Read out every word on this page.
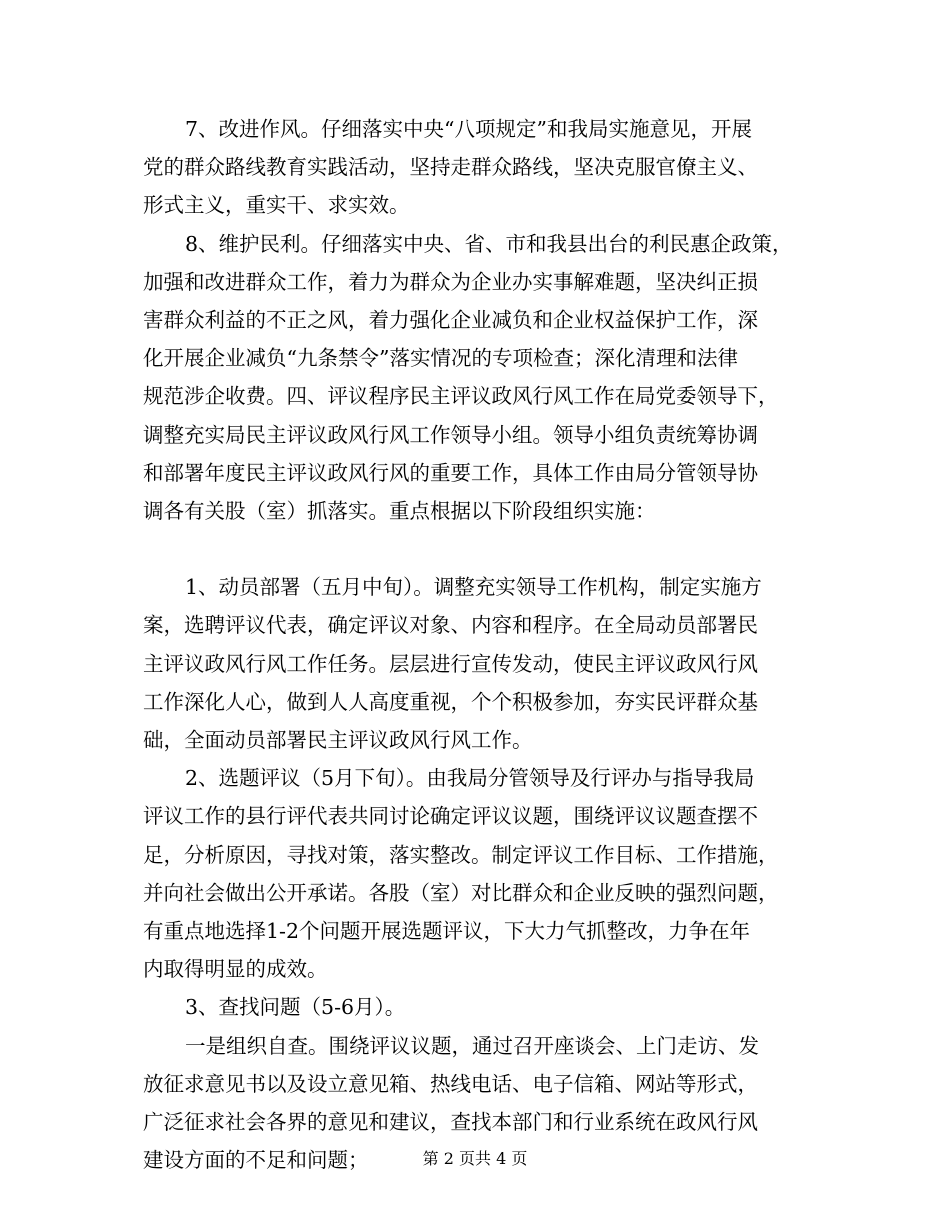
7、改进作风。仔细落实中央“八项规定”和我局实施意见，开展
党的群众路线教育实践活动，坚持走群众路线，坚决克服官僚主义、
形式主义，重实干、求实效。
8、维护民利。仔细落实中央、省、市和我县出台的利民惠企政策，
加强和改进群众工作，着力为群众为企业办实事解难题，坚决纠正损
害群众利益的不正之风，着力强化企业减负和企业权益保护工作，深
化开展企业减负“九条禁令”落实情况的专项检查；深化清理和法律
规范涉企收费。四、评议程序民主评议政风行风工作在局党委领导下，
调整充实局民主评议政风行风工作领导小组。领导小组负责统筹协调
和部署年度民主评议政风行风的重要工作，具体工作由局分管领导协
调各有关股（室）抓落实。重点根据以下阶段组织实施：
1、动员部署（五月中旬）。调整充实领导工作机构，制定实施方
案，选聘评议代表，确定评议对象、内容和程序。在全局动员部署民
主评议政风行风工作任务。层层进行宣传发动，使民主评议政风行风
工作深化人心，做到人人高度重视，个个积极参加，夯实民评群众基
础，全面动员部署民主评议政风行风工作。
2、选题评议（5月下旬）。由我局分管领导及行评办与指导我局
评议工作的县行评代表共同讨论确定评议议题，围绕评议议题查摆不
足，分析原因，寻找对策，落实整改。制定评议工作目标、工作措施，
并向社会做出公开承诺。各股（室）对比群众和企业反映的强烈问题，
有重点地选择1-2个问题开展选题评议，下大力气抓整改，力争在年
内取得明显的成效。
3、查找问题（5-6月）。
一是组织自查。围绕评议议题，通过召开座谈会、上门走访、发
放征求意见书以及设立意见箱、热线电话、电子信箱、网站等形式，
广泛征求社会各界的意见和建议，查找本部门和行业系统在政风行风
建设方面的不足和问题；	第 2 页共 4 页
